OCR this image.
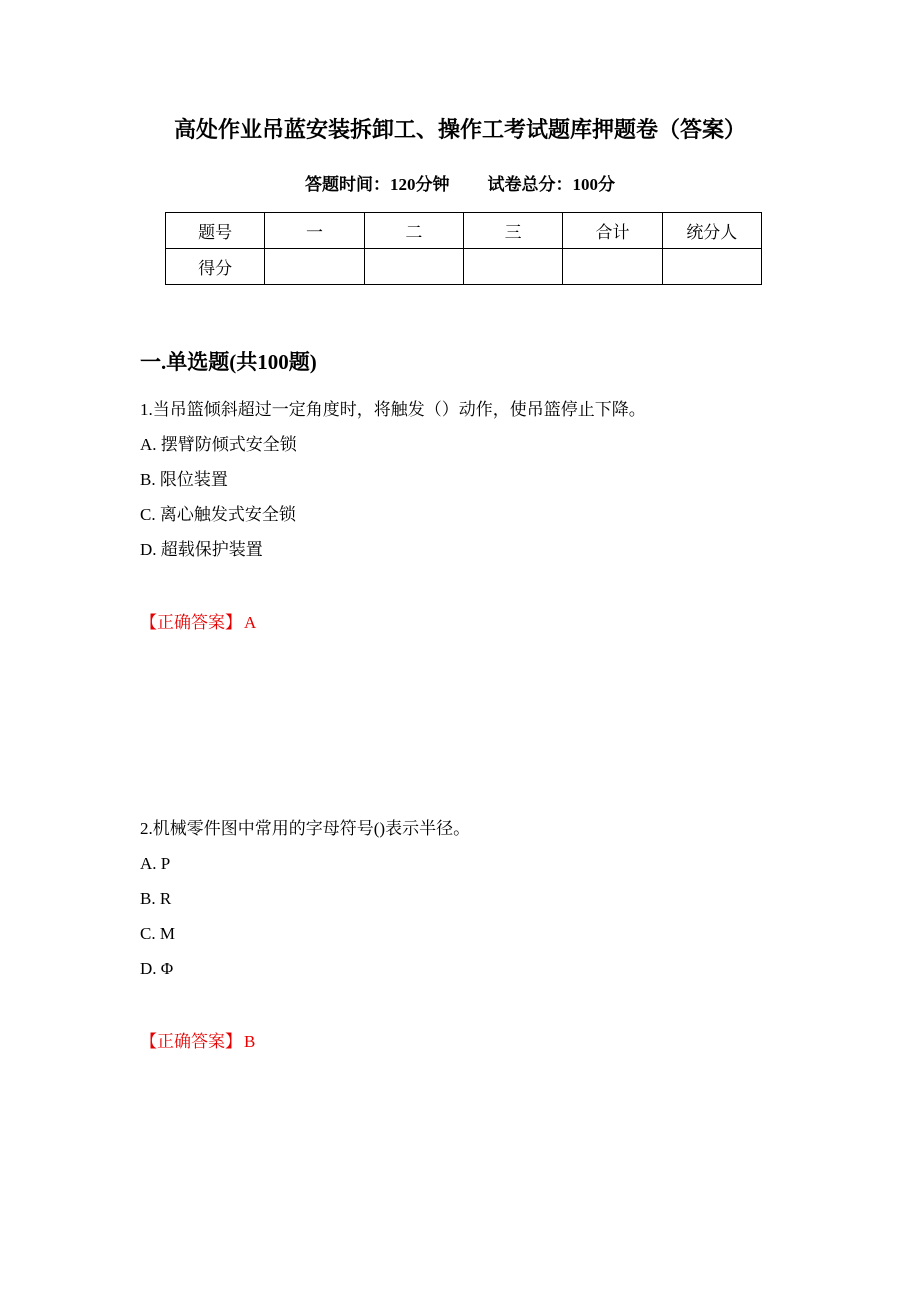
高处作业吊蓝安装拆卸工、操作工考试题库押题卷（答案）
答题时间：120分钟 试卷总分：100分
题号	一	二	三	合计	统分人
得分					
一.单选题(共100题)

1.当吊篮倾斜超过一定角度时，将触发（）动作，使吊篮停止下降。

A. 摆臂防倾式安全锁

B. 限位装置

C. 离心触发式安全锁

D. 超载保护装置

【正确答案】 A

2.机械零件图中常用的字母符号()表示半径。

A. P

B. R

C. M

D. Φ

【正确答案】 B
